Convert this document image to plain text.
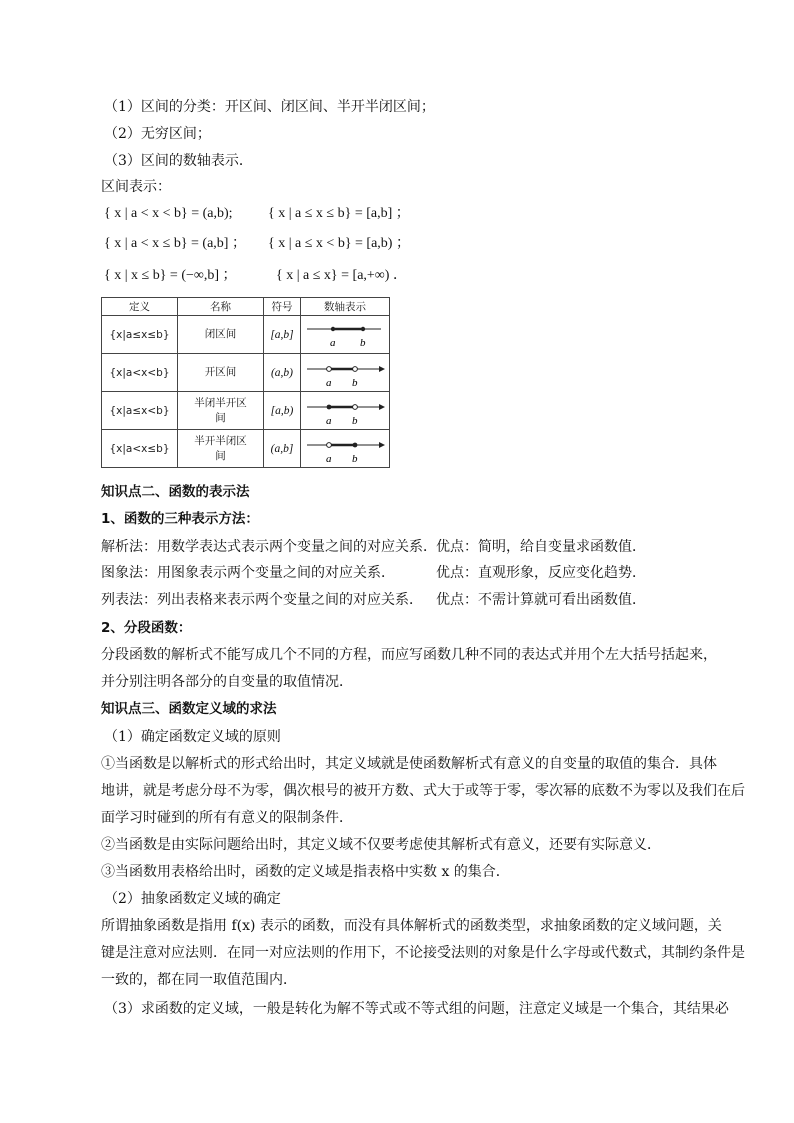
（1）区间的分类：开区间、闭区间、半开半闭区间；
（2）无穷区间；
（3）区间的数轴表示．
区间表示：
{ x | a < x < b} = (a,b);	{ x | a ≤ x ≤ b} = [a,b] ；
{ x | a < x ≤ b} = (a,b] ； { x | a ≤ x < b} = [a,b) ；
{ x | x ≤ b} = (−∞,b] ；	{ x | a ≤ x} = [a,+∞) ．
定义	名称	符号	数轴表示
{x|a≤x≤b}	闭区间	[a,b]	a b

{x|a<x<b}	开区间	(a,b)	a b

{x|a≤x<b}	半闭半开区间	[a,b)	a b

{x|a<x≤b}	半开半闭区间	(a,b]	a b
知识点二、函数的表示法
1、函数的三种表示方法：
解析法：用数学表达式表示两个变量之间的对应关系． 优点：简明，给自变量求函数值．
图象法：用图象表示两个变量之间的对应关系．	优点：直观形象，反应变化趋势．
列表法：列出表格来表示两个变量之间的对应关系． 优点：不需计算就可看出函数值．
2、分段函数：
分段函数的解析式不能写成几个不同的方程，而应写函数几种不同的表达式并用个左大括号括起来，
并分别注明各部分的自变量的取值情况．
知识点三、函数定义域的求法
（1）确定函数定义域的原则
①当函数是以解析式的形式给出时，其定义域就是使函数解析式有意义的自变量的取值的集合．具体
地讲，就是考虑分母不为零，偶次根号的被开方数、式大于或等于零，零次幂的底数不为零以及我们在后
面学习时碰到的所有有意义的限制条件．
②当函数是由实际问题给出时，其定义域不仅要考虑使其解析式有意义，还要有实际意义．
③当函数用表格给出时，函数的定义域是指表格中实数 x 的集合．
（2）抽象函数定义域的确定
所谓抽象函数是指用 f(x) 表示的函数，而没有具体解析式的函数类型，求抽象函数的定义域问题，关
键是注意对应法则．在同一对应法则的作用下，不论接受法则的对象是什么字母或代数式，其制约条件是
一致的，都在同一取值范围内．
（3）求函数的定义域，一般是转化为解不等式或不等式组的问题，注意定义域是一个集合，其结果必
